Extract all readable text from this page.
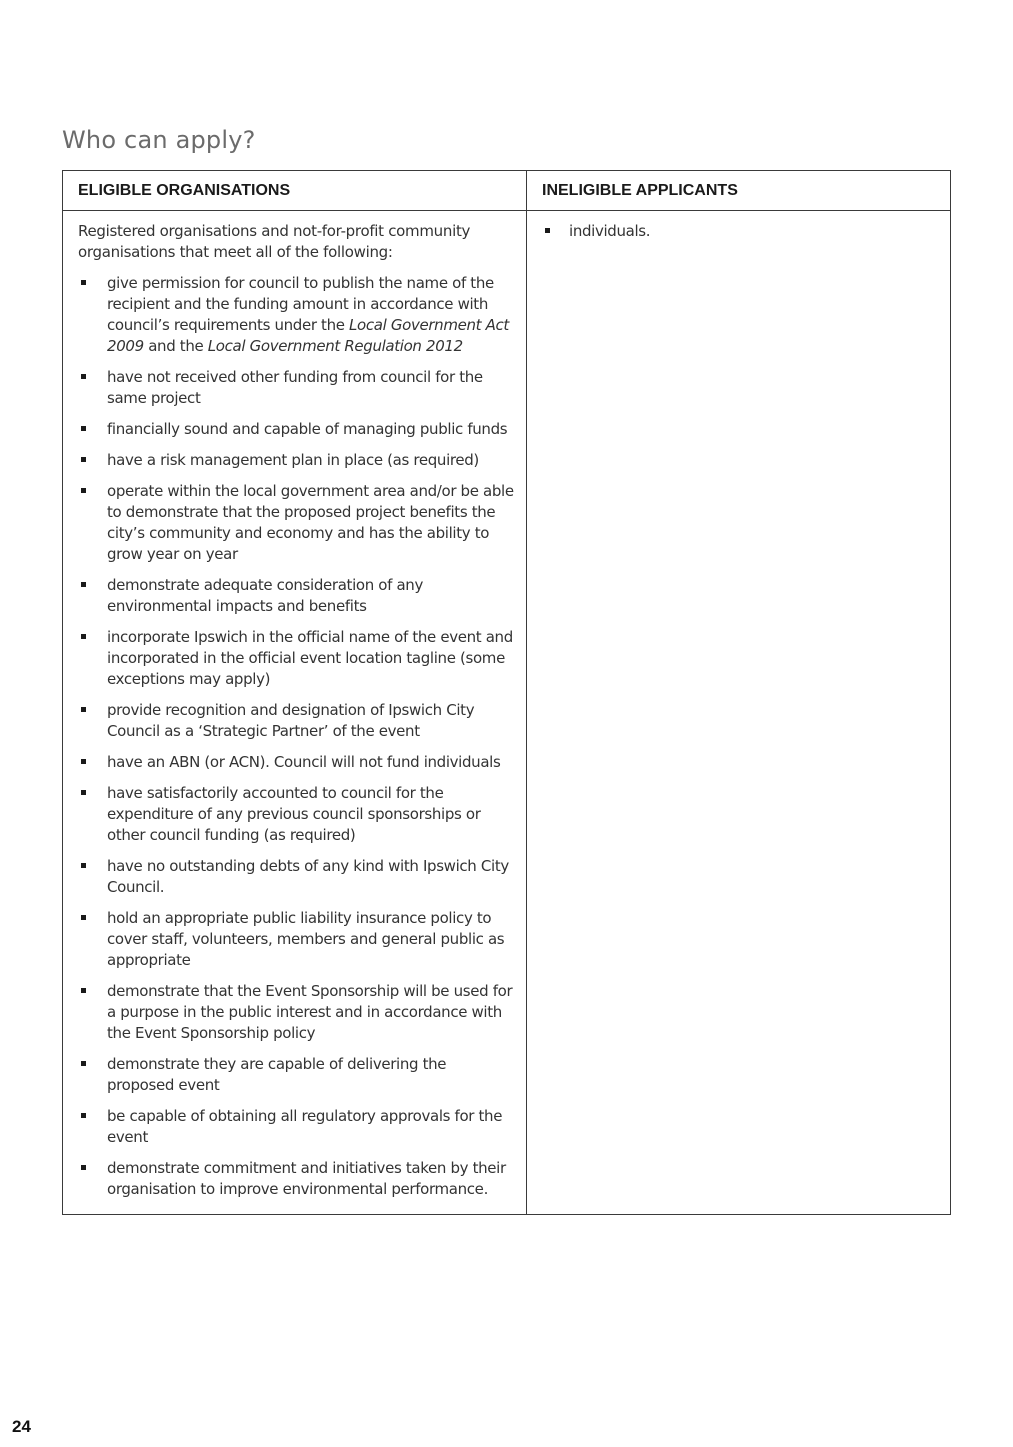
Who can apply?
ELIGIBLE ORGANISATIONS	INELIGIBLE APPLICANTS

Registered organisations and not-for-profit community organisations that meet all of the following:

give permission for council to publish the name of the recipient and the funding amount in accordance with council’s requirements under the Local Government Act 2009 and the Local Government Regulation 2012
have not received other funding from council for the same project
financially sound and capable of managing public funds
have a risk management plan in place (as required)
operate within the local government area and/or be able to demonstrate that the proposed project benefits the city’s community and economy and has the ability to grow year on year
demonstrate adequate consideration of any environmental impacts and benefits
incorporate Ipswich in the official name of the event and incorporated in the official event location tagline (some exceptions may apply)
provide recognition and designation of Ipswich City Council as a ‘Strategic Partner’ of the event
have an ABN (or ACN). Council will not fund individuals
have satisfactorily accounted to council for the expenditure of any previous council sponsorships or other council funding (as required)
have no outstanding debts of any kind with Ipswich City Council.
hold an appropriate public liability insurance policy to cover staff, volunteers, members and general public as appropriate
demonstrate that the Event Sponsorship will be used for a purpose in the public interest and in accordance with the Event Sponsorship policy
demonstrate they are capable of delivering the proposed event
be capable of obtaining all regulatory approvals for the event
demonstrate commitment and initiatives taken by their organisation to improve environmental performance.
individuals.
24
